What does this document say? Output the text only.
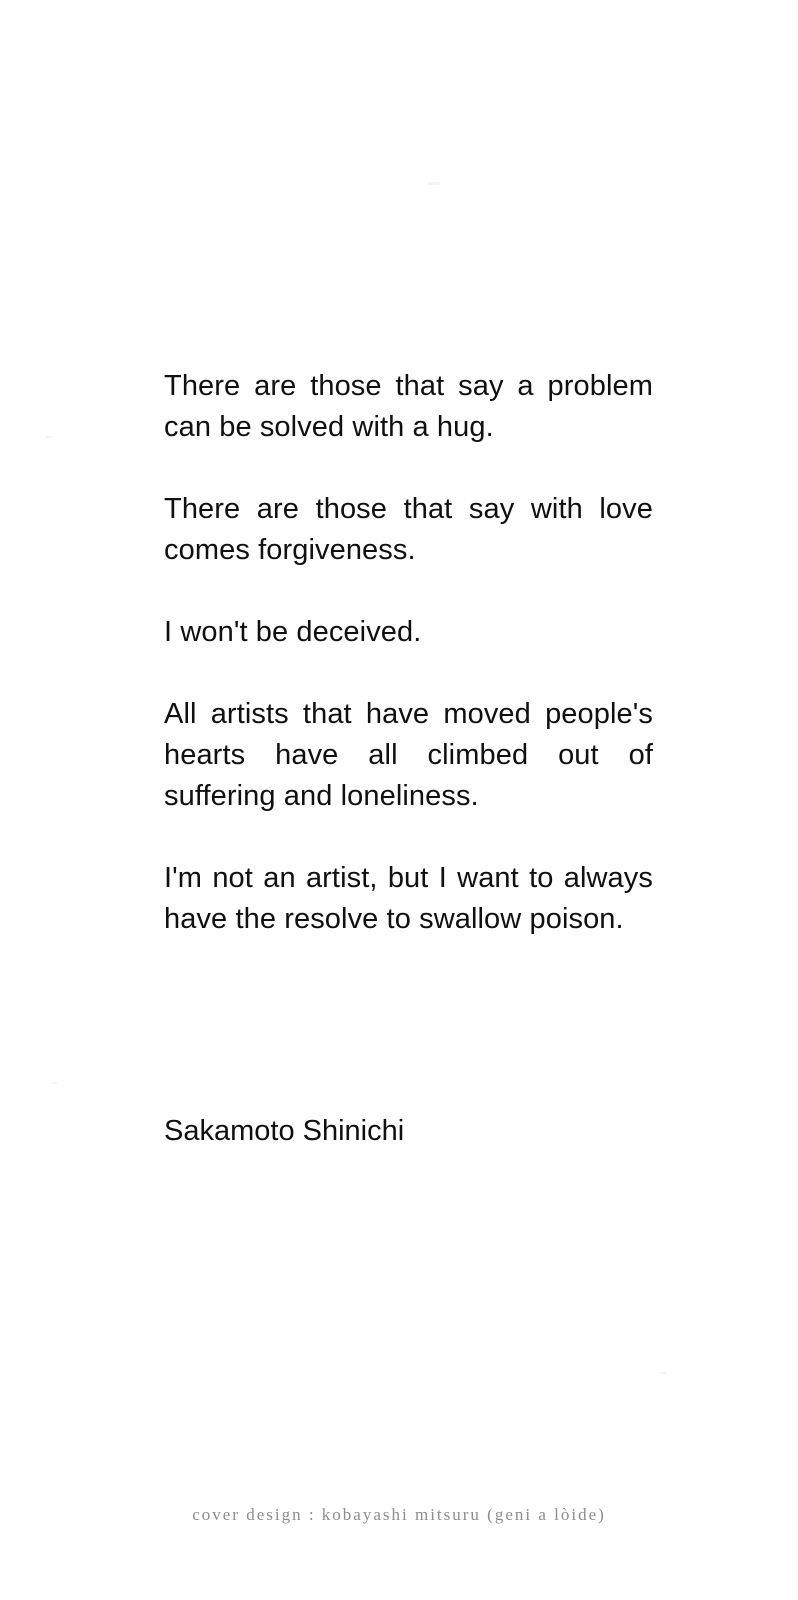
There are those that say a problem can be solved with a hug.

There are those that say with love comes forgiveness.

I won't be deceived.

All artists that have moved people's hearts have all climbed out of suffering and loneliness.

I'm not an artist, but I want to always have the resolve to swallow poison.

Sakamoto Shinichi
cover design : kobayashi mitsuru (geni a lòide)
